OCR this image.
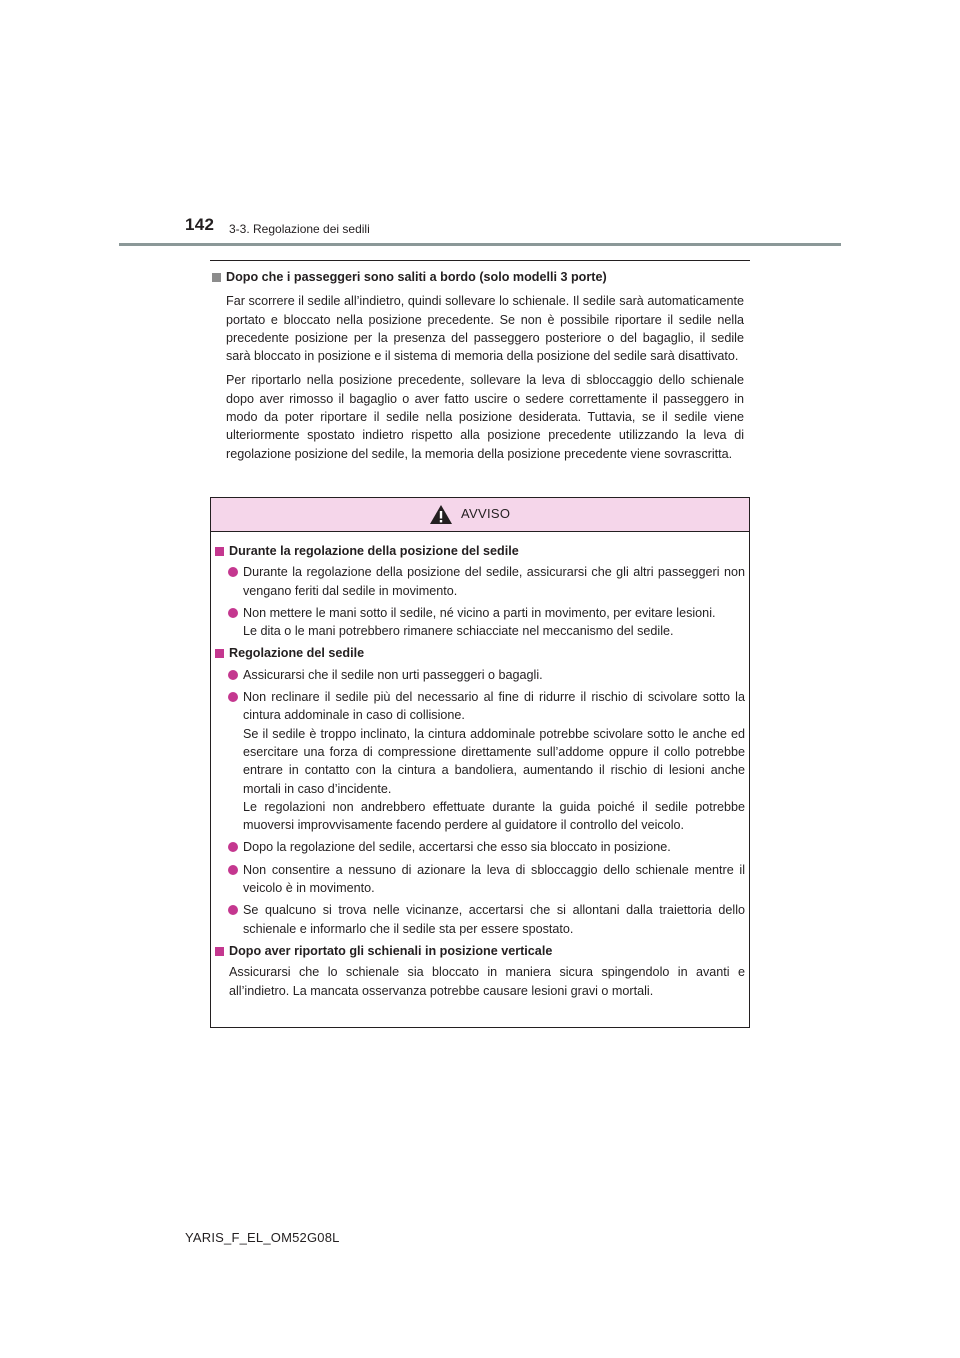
142 3-3. Regolazione dei sedili

Dopo che i passeggeri sono saliti a bordo (solo modelli 3 porte)

Far scorrere il sedile all’indietro, quindi sollevare lo schienale. Il sedile sarà automaticamente portato e bloccato nella posizione precedente. Se non è possibile riportare il sedile nella precedente posizione per la presenza del passeggero posteriore o del bagaglio, il sedile sarà bloccato in posizione e il sistema di memoria della posizione del sedile sarà disattivato.

Per riportarlo nella posizione precedente, sollevare la leva di sbloccaggio dello schienale dopo aver rimosso il bagaglio o aver fatto uscire o sedere correttamente il passeggero in modo da poter riportare il sedile nella posizione desiderata. Tuttavia, se il sedile viene ulteriormente spostato indietro rispetto alla posizione precedente utilizzando la leva di regolazione posizione del sedile, la memoria della posizione precedente viene sovrascritta.

AVVISO

Durante la regolazione della posizione del sedile

Durante la regolazione della posizione del sedile, assicurarsi che gli altri passeggeri non vengano feriti dal sedile in movimento.
Non mettere le mani sotto il sedile, né vicino a parti in movimento, per evitare lesioni.
Le dita o le mani potrebbero rimanere schiacciate nel meccanismo del sedile.

Regolazione del sedile

Assicurarsi che il sedile non urti passeggeri o bagagli.
Non reclinare il sedile più del necessario al fine di ridurre il rischio di scivolare sotto la cintura addominale in caso di collisione.
Se il sedile è troppo inclinato, la cintura addominale potrebbe scivolare sotto le anche ed esercitare una forza di compressione direttamente sull’addome oppure il collo potrebbe entrare in contatto con la cintura a bandoliera, aumentando il rischio di lesioni anche mortali in caso d’incidente.
Le regolazioni non andrebbero effettuate durante la guida poiché il sedile potrebbe muoversi improvvisamente facendo perdere al guidatore il controllo del veicolo.
Dopo la regolazione del sedile, accertarsi che esso sia bloccato in posizione.
Non consentire a nessuno di azionare la leva di sbloccaggio dello schienale mentre il veicolo è in movimento.
Se qualcuno si trova nelle vicinanze, accertarsi che si allontani dalla traiettoria dello schienale e informarlo che il sedile sta per essere spostato.

Dopo aver riportato gli schienali in posizione verticale

Assicurarsi che lo schienale sia bloccato in maniera sicura spingendolo in avanti e all’indietro. La mancata osservanza potrebbe causare lesioni gravi o mortali.

YARIS_F_EL_OM52G08L
